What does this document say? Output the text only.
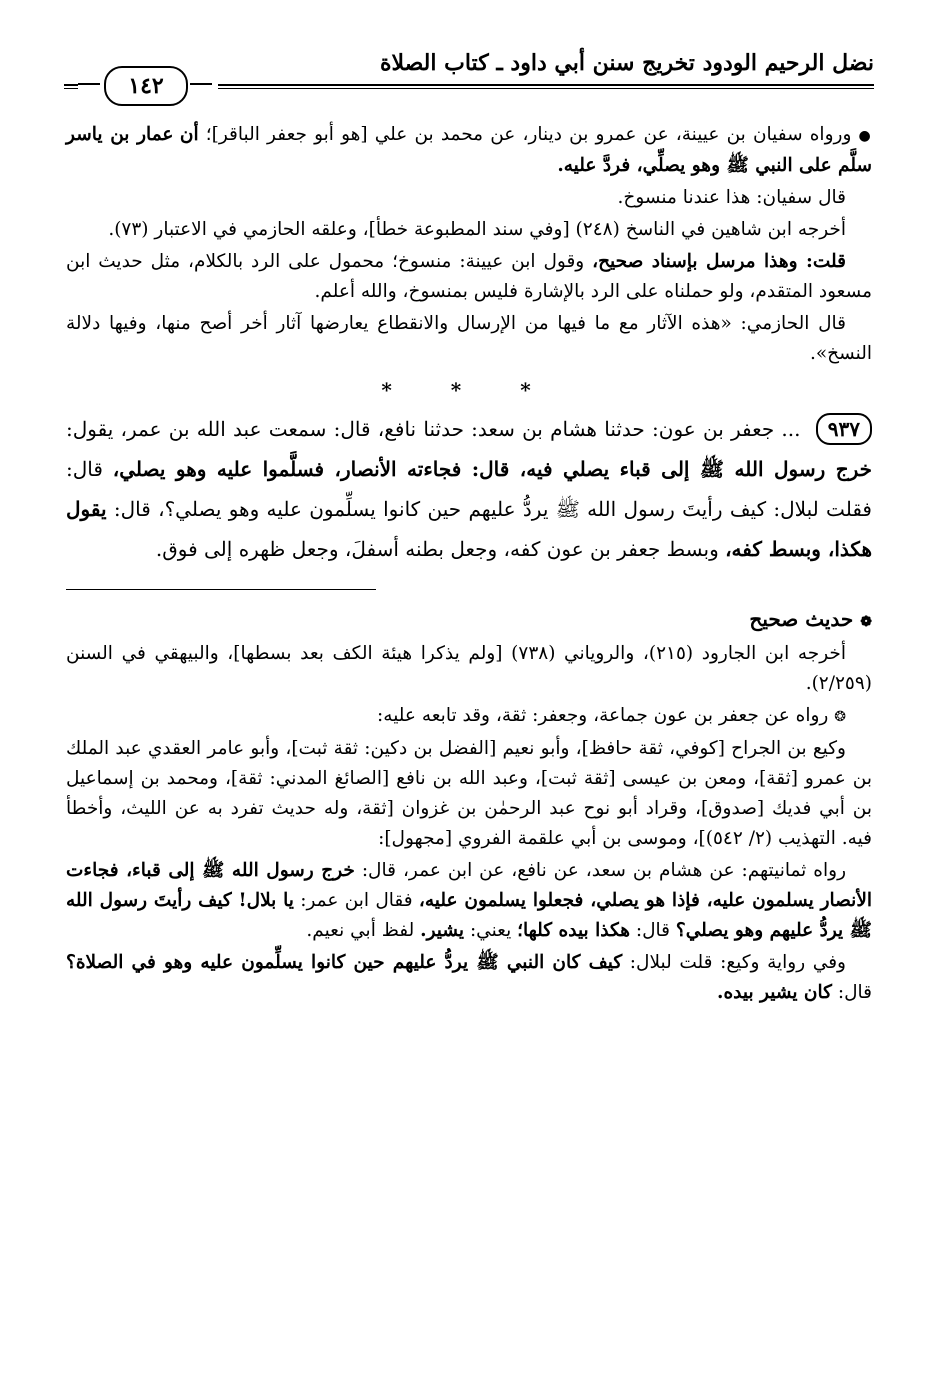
نضل الرحيم الودود تخريج سنن أبي داود ـ كتاب الصلاة
١٤٢

● ورواه سفيان بن عيينة، عن عمرو بن دينار، عن محمد بن علي [هو أبو جعفر الباقر]؛ أن عمار بن ياسر سلَّم على النبي ﷺ وهو يصلِّي، فردَّ عليه.

قال سفيان: هذا عندنا منسوخ.

أخرجه ابن شاهين في الناسخ (٢٤٨) [وفي سند المطبوعة خطأ]، وعلقه الحازمي في الاعتبار (٧٣).

قلت: وهذا مرسل بإسناد صحيح، وقول ابن عيينة: منسوخ؛ محمول على الرد بالكلام، مثل حديث ابن مسعود المتقدم، ولو حملناه على الرد بالإشارة فليس بمنسوخ، والله أعلم.

قال الحازمي: «هذه الآثار مع ما فيها من الإرسال والانقطاع يعارضها آثار أخر أصح منها، وفيها دلالة النسخ».

* * *

٩٣٧ ... جعفر بن عون: حدثنا هشام بن سعد: حدثنا نافع، قال: سمعت عبد الله بن عمر، يقول: خرج رسول الله ﷺ إلى قباء يصلي فيه، قال: فجاءته الأنصار، فسلَّموا عليه وهو يصلي، قال: فقلت لبلال: كيف رأيتَ رسول الله ﷺ يردُّ عليهم حين كانوا يسلِّمون عليه وهو يصلي؟، قال: يقول هكذا، وبسط كفه، وبسط جعفر بن عون كفه، وجعل بطنه أسفلَ، وجعل ظهره إلى فوق.

❁ حديث صحيح

أخرجه ابن الجارود (٢١٥)، والروياني (٧٣٨) [ولم يذكرا هيئة الكف بعد بسطها]، والبيهقي في السنن (٢/٢٥٩).

❂ رواه عن جعفر بن عون جماعة، وجعفر: ثقة، وقد تابعه عليه:

وكيع بن الجراح [كوفي، ثقة حافظ]، وأبو نعيم [الفضل بن دكين: ثقة ثبت]، وأبو عامر العقدي عبد الملك بن عمرو [ثقة]، ومعن بن عيسى [ثقة ثبت]، وعبد الله بن نافع [الصائغ المدني: ثقة]، ومحمد بن إسماعيل بن أبي فديك [صدوق]، وقراد أبو نوح عبد الرحمٰن بن غزوان [ثقة، وله حديث تفرد به عن الليث، وأخطأ فيه. التهذيب (٢/ ٥٤٢)]، وموسى بن أبي علقمة الفروي [مجهول]:

رواه ثمانيتهم: عن هشام بن سعد، عن نافع، عن ابن عمر، قال: خرج رسول الله ﷺ إلى قباء، فجاءت الأنصار يسلمون عليه، فإذا هو يصلي، فجعلوا يسلمون عليه، فقال ابن عمر: يا بلال! كيف رأيتَ رسول الله ﷺ يردُّ عليهم وهو يصلي؟ قال: هكذا بيده كلها؛ يعني: يشير. لفظ أبي نعيم.

وفي رواية وكيع: قلت لبلال: كيف كان النبي ﷺ يردُّ عليهم حين كانوا يسلِّمون عليه وهو في الصلاة؟ قال: كان يشير بيده.
